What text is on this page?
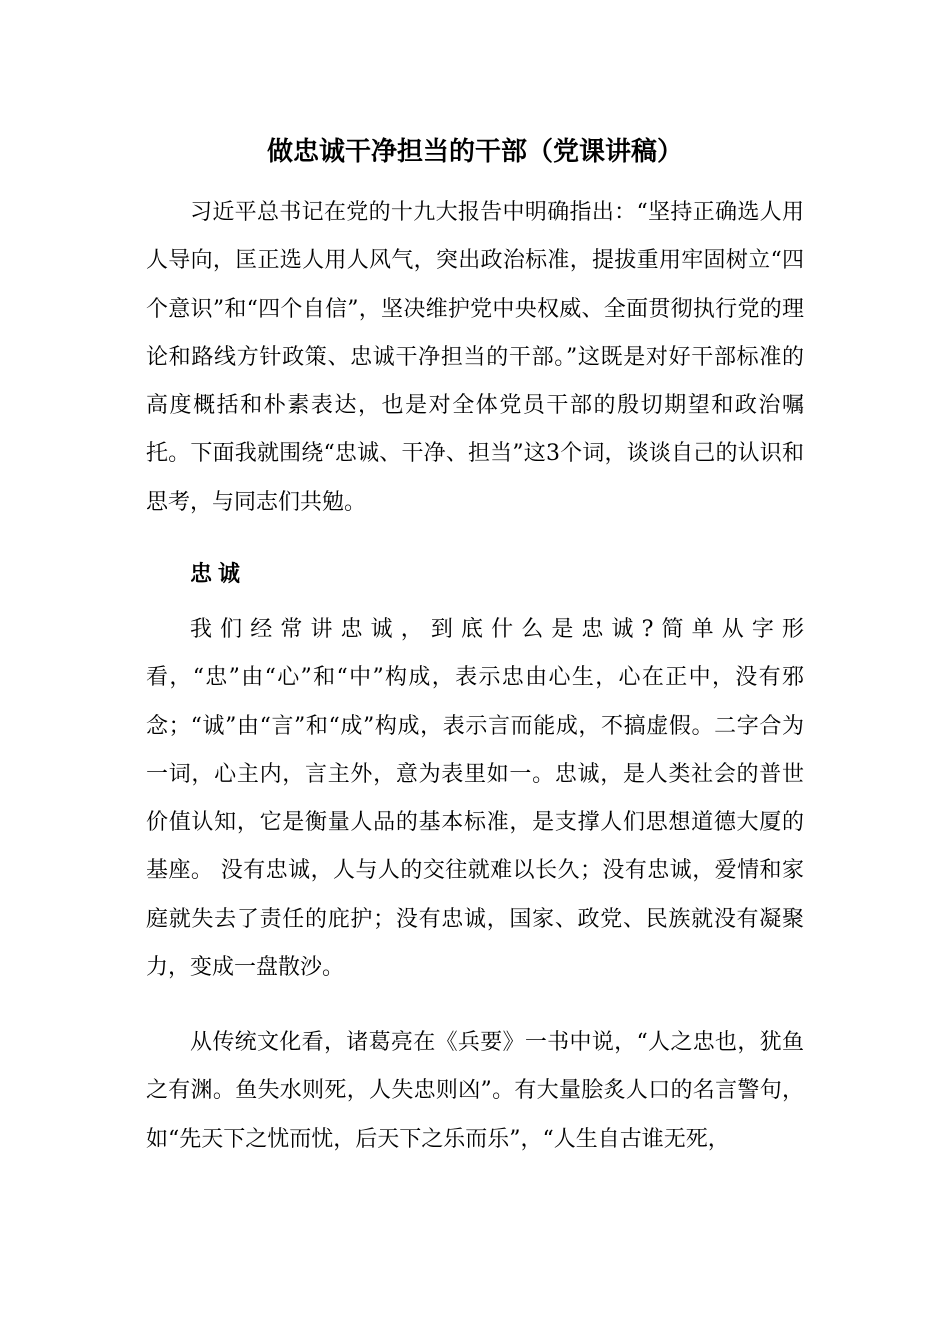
做忠诚干净担当的干部（党课讲稿）

习近平总书记在党的十九大报告中明确指出：“坚持正确选人用人导向，匡正选人用人风气，突出政治标准，提拔重用牢固树立“四个意识”和“四个自信”，坚决维护党中央权威、全面贯彻执行党的理论和路线方针政策、忠诚干净担当的干部。”这既是对好干部标准的高度概括和朴素表达，也是对全体党员干部的殷切期望和政治嘱托。下面我就围绕“忠诚、干净、担当”这3个词，谈谈自己的认识和思考，与同志们共勉。

忠诚

我们经常讲忠诚，到底什么是忠诚?简单从字形看，“忠”由“心”和“中”构成，表示忠由心生，心在正中，没有邪念；“诚”由“言”和“成”构成，表示言而能成，不搞虚假。二字合为一词，心主内，言主外，意为表里如一。忠诚，是人类社会的普世价值认知，它是衡量人品的基本标准，是支撑人们思想道德大厦的基座。 没有忠诚，人与人的交往就难以长久；没有忠诚，爱情和家庭就失去了责任的庇护；没有忠诚，国家、政党、民族就没有凝聚力，变成一盘散沙。

从传统文化看，诸葛亮在《兵要》一书中说，“人之忠也，犹鱼之有渊。鱼失水则死，人失忠则凶”。有大量脍炙人口的名言警句，如“先天下之忧而忧，后天下之乐而乐”，“人生自古谁无死，
